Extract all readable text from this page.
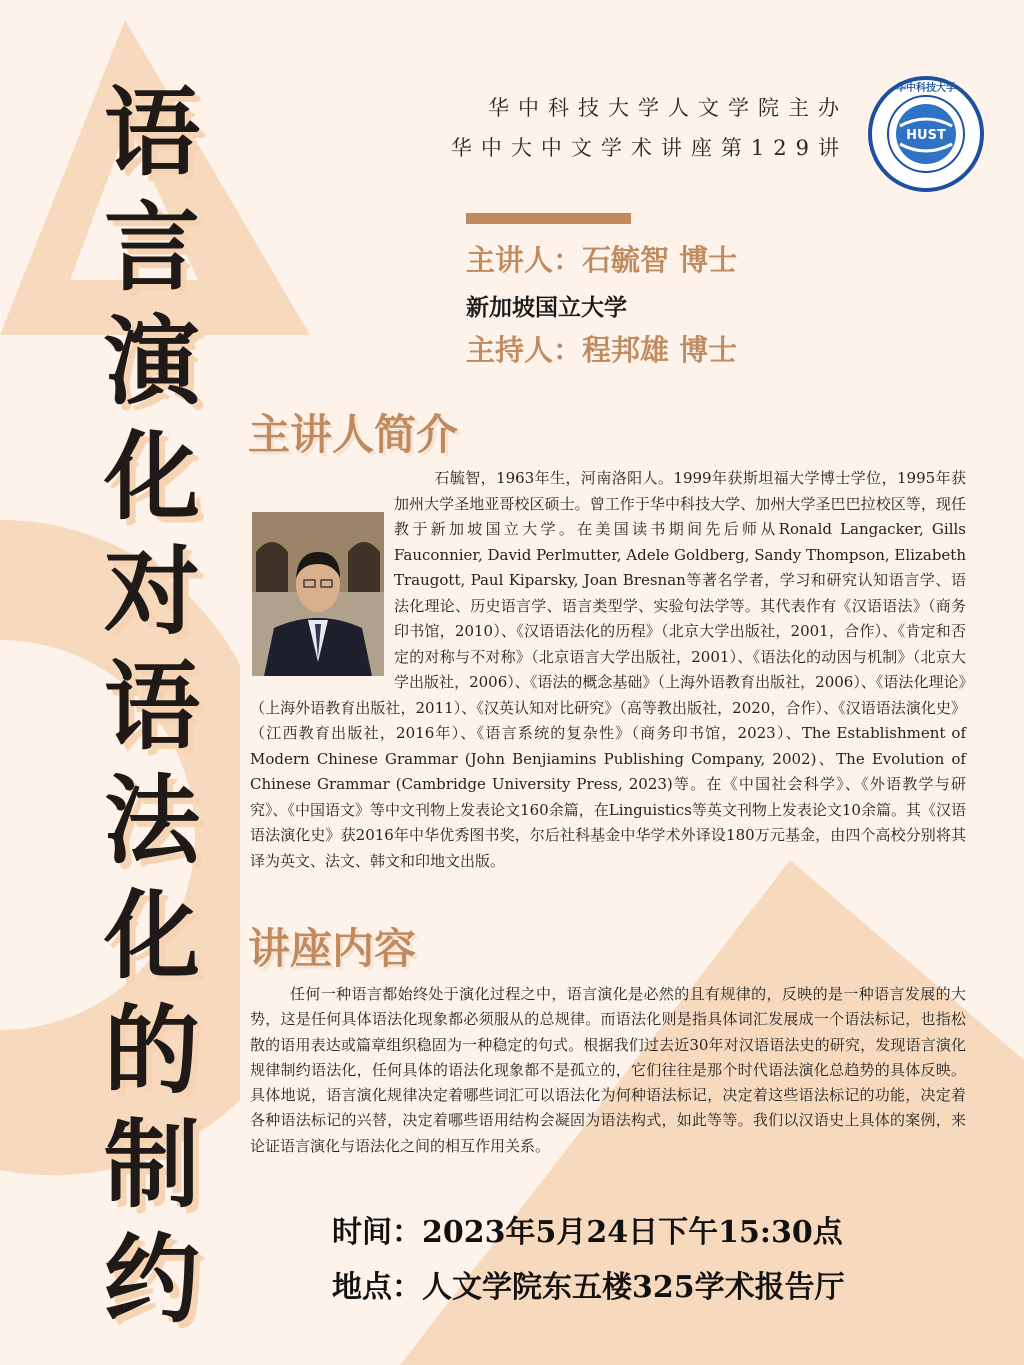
语
言
演
化
对
语
法
化
的
制
约
华中科技大学人文学院主办
华中大中文学术讲座第129讲
华中科技大学
HUST
主讲人：石毓智 博士
新加坡国立大学
主持人：程邦雄 博士
主讲人简介
石毓智，1963年生，河南洛阳人。1999年获斯坦福大学博士学位，1995年获加州大学圣地亚哥校区硕士。曾工作于华中科技大学、加州大学圣巴巴拉校区等，现任教于新加坡国立大学。在美国读书期间先后师从Ronald Langacker, Gills Fauconnier, David Perlmutter, Adele Goldberg, Sandy Thompson, Elizabeth Traugott, Paul Kiparsky, Joan Bresnan等著名学者，学习和研究认知语言学、语法化理论、历史语言学、语言类型学、实验句法学等。其代表作有《汉语语法》（商务印书馆，2010）、《汉语语法化的历程》（北京大学出版社，2001，合作）、《肯定和否定的对称与不对称》（北京语言大学出版社，2001）、《语法化的动因与机制》（北京大学出版社，2006）、《语法的概念基础》（上海外语教育出版社，2006）、《语法化理论》（上海外语教育出版社，2011）、《汉英认知对比研究》（高等教出版社，2020，合作）、《汉语语法演化史》（江西教育出版社，2016年）、《语言系统的复杂性》（商务印书馆，2023）、The Establishment of Modern Chinese Grammar (John Benjiamins Publishing Company, 2002)、The Evolution of Chinese Grammar (Cambridge University Press, 2023)等。在《中国社会科学》、《外语教学与研究》、《中国语文》等中文刊物上发表论文160余篇，在Linguistics等英文刊物上发表论文10余篇。其《汉语语法演化史》获2016年中华优秀图书奖，尔后社科基金中华学术外译设180万元基金，由四个高校分别将其译为英文、法文、韩文和印地文出版。
讲座内容
任何一种语言都始终处于演化过程之中，语言演化是必然的且有规律的，反映的是一种语言发展的大势，这是任何具体语法化现象都必须服从的总规律。而语法化则是指具体词汇发展成一个语法标记，也指松散的语用表达或篇章组织稳固为一种稳定的句式。根据我们过去近30年对汉语语法史的研究，发现语言演化规律制约语法化，任何具体的语法化现象都不是孤立的，它们往往是那个时代语法演化总趋势的具体反映。具体地说，语言演化规律决定着哪些词汇可以语法化为何种语法标记，决定着这些语法标记的功能，决定着各种语法标记的兴替，决定着哪些语用结构会凝固为语法构式，如此等等。我们以汉语史上具体的案例，来论证语言演化与语法化之间的相互作用关系。
时间：2023年5月24日下午15:30点
地点：人文学院东五楼325学术报告厅
